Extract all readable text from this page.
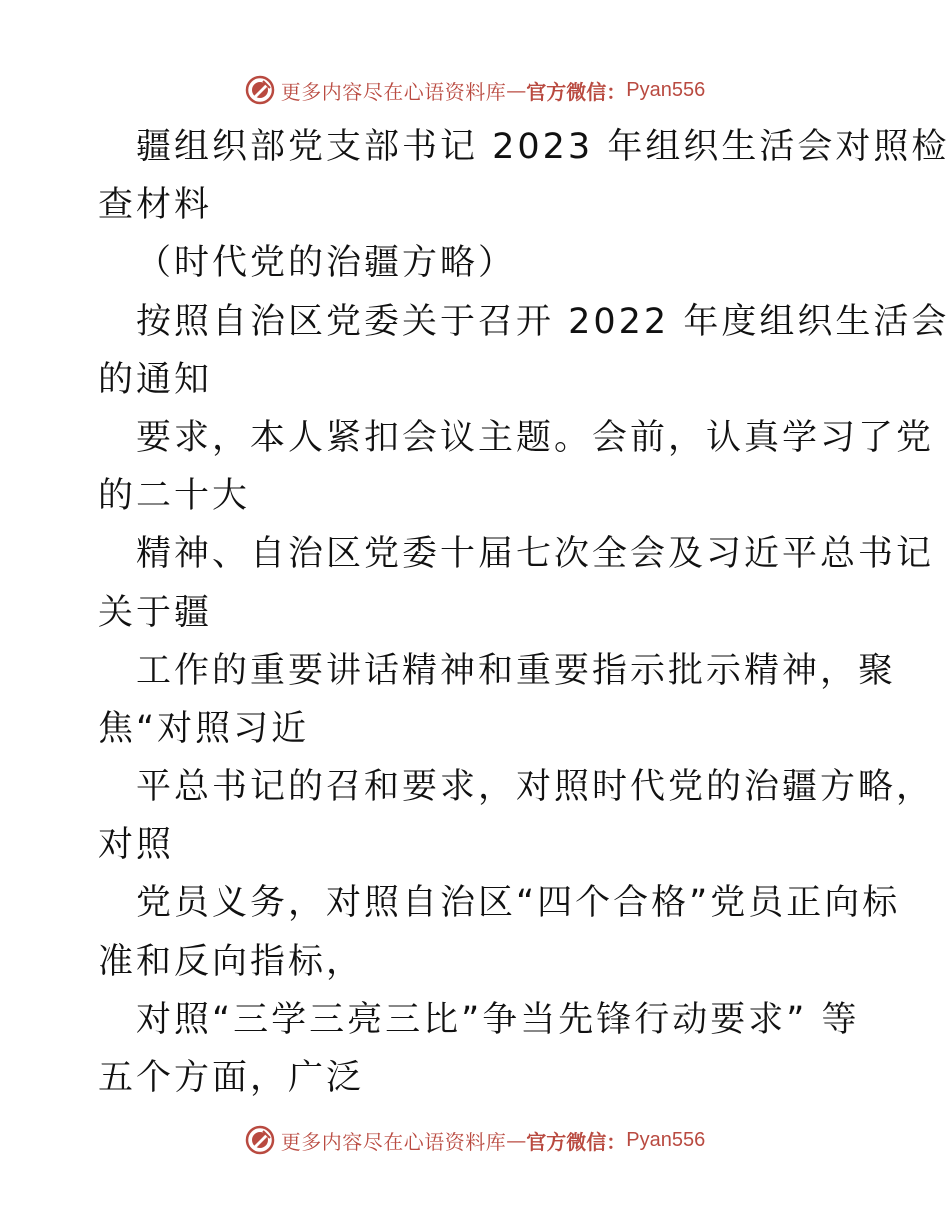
更多内容尽在心语资料库 — 官方微信： Pyan556
疆组织部党支部书记 2023 年组织生活会对照检
查材料
（时代党的治疆方略）
按照自治区党委关于召开 2022 年度组织生活会
的通知
要求，本人紧扣会议主题。会前，认真学习了党
的二十大
精神、自治区党委十届七次全会及习近平总书记
关于疆
工作的重要讲话精神和重要指示批示精神，聚
焦“对照习近
平总书记的召和要求，对照时代党的治疆方略，
对照
党员义务，对照自治区“四个合格”党员正向标
准和反向指标，
对照“三学三亮三比”争当先锋行动要求” 等
五个方面，广泛
更多内容尽在心语资料库 — 官方微信： Pyan556
